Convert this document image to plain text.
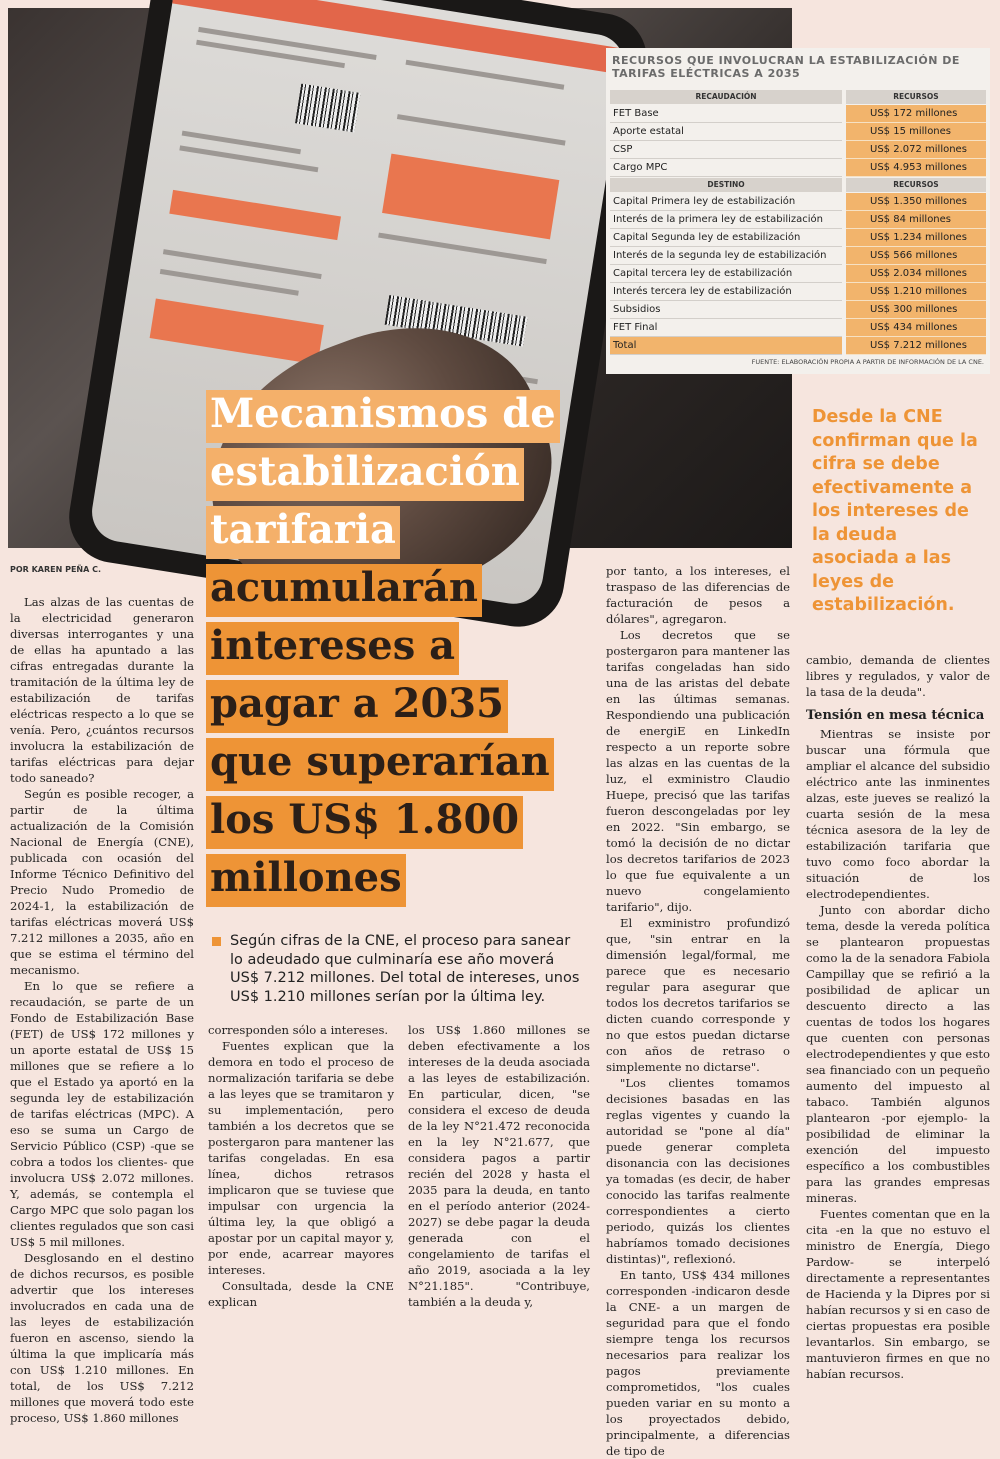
RECURSOS QUE INVOLUCRAN LA ESTABILIZACIÓN DE
TARIFAS ELÉCTRICAS A 2035
RECAUDACIÓN	RECURSOS
FET Base	US$ 172 millones
Aporte estatal	US$ 15 millones
CSP	US$ 2.072 millones
Cargo MPC	US$ 4.953 millones
DESTINO	RECURSOS
Capital Primera ley de estabilización	US$ 1.350 millones
Interés de la primera ley de estabilización	US$ 84 millones
Capital Segunda ley de estabilización	US$ 1.234 millones
Interés de la segunda ley de estabilización	US$ 566 millones
Capital tercera ley de estabilización	US$ 2.034 millones
Interés tercera ley de estabilización	US$ 1.210 millones
Subsidios	US$ 300 millones
FET Final	US$ 434 millones
Total	US$ 7.212 millones
FUENTE: ELABORACIÓN PROPIA A PARTIR DE INFORMACIÓN DE LA CNE.
Mecanismos de
estabilización
tarifaria
acumularán
intereses a
pagar a 2035
que superarían
los US$ 1.800
millones
Desde la CNE confirman que la cifra se debe efectivamente a los intereses de la deuda asociada a las leyes de estabilización.
POR KAREN PEÑA C.

Según cifras de la CNE, el proceso para sanear lo adeudado que culminaría ese año moverá US$ 7.212 millones. Del total de intereses, unos US$ 1.210 millones serían por la última ley.

Las alzas de las cuentas de la electricidad generaron diversas interrogantes y una de ellas ha apuntado a las cifras entregadas durante la tramitación de la última ley de estabilización de tarifas eléctricas respecto a lo que se venía. Pero, ¿cuántos recursos involucra la estabilización de tarifas eléctricas para dejar todo saneado?

Según es posible recoger, a partir de la última actualización de la Comisión Nacional de Energía (CNE), publicada con ocasión del Informe Técnico Definitivo del Precio Nudo Promedio de 2024-1, la estabilización de tarifas eléctricas moverá US$ 7.212 millones a 2035, año en que se estima el término del mecanismo.

En lo que se refiere a recaudación, se parte de un Fondo de Estabilización Base (FET) de US$ 172 millones y un aporte estatal de US$ 15 millones que se refiere a lo que el Estado ya aportó en la segunda ley de estabilización de tarifas eléctricas (MPC). A eso se suma un Cargo de Servicio Público (CSP) -que se cobra a todos los clientes- que involucra US$ 2.072 millones. Y, además, se contempla el Cargo MPC que solo pagan los clientes regulados que son casi US$ 5 mil millones.

Desglosando en el destino de dichos recursos, es posible advertir que los intereses involucrados en cada una de las leyes de estabilización fueron en ascenso, siendo la última la que implicaría más con US$ 1.210 millones. En total, de los US$ 7.212 millones que moverá todo este proceso, US$ 1.860 millones

corresponden sólo a intereses.

Fuentes explican que la demora en todo el proceso de normalización tarifaria se debe a las leyes que se tramitaron y su implementación, pero también a los decretos que se postergaron para mantener las tarifas congeladas. En esa línea, dichos retrasos implicaron que se tuviese que impulsar con urgencia la última ley, la que obligó a apostar por un capital mayor y, por ende, acarrear mayores intereses.

Consultada, desde la CNE explican

los US$ 1.860 millones se deben efectivamente a los intereses de la deuda asociada a las leyes de estabilización. En particular, dicen, "se considera el exceso de deuda de la ley N°21.472 reconocida en la ley N°21.677, que considera pagos a partir recién del 2028 y hasta el 2035 para la deuda, en tanto en el período anterior (2024-2027) se debe pagar la deuda generada con el congelamiento de tarifas el año 2019, asociada a la ley N°21.185". "Contribuye, también a la deuda y,

por tanto, a los intereses, el traspaso de las diferencias de facturación de pesos a dólares", agregaron.

Los decretos que se postergaron para mantener las tarifas congeladas han sido una de las aristas del debate en las últimas semanas. Respondiendo una publicación de energiE en LinkedIn respecto a un reporte sobre las alzas en las cuentas de la luz, el exministro Claudio Huepe, precisó que las tarifas fueron descongeladas por ley en 2022. "Sin embargo, se tomó la decisión de no dictar los decretos tarifarios de 2023 lo que fue equivalente a un nuevo congelamiento tarifario", dijo.

El exministro profundizó que, "sin entrar en la dimensión legal/formal, me parece que es necesario regular para asegurar que todos los decretos tarifarios se dicten cuando corresponde y no que estos puedan dictarse con años de retraso o simplemente no dictarse".

"Los clientes tomamos decisiones basadas en las reglas vigentes y cuando la autoridad se "pone al día" puede generar completa disonancia con las decisiones ya tomadas (es decir, de haber conocido las tarifas realmente correspondientes a cierto periodo, quizás los clientes habríamos tomado decisiones distintas)", reflexionó.

En tanto, US$ 434 millones corresponden -indicaron desde la CNE- a un margen de seguridad para que el fondo siempre tenga los recursos necesarios para realizar los pagos previamente comprometidos, "los cuales pueden variar en su monto a los proyectados debido, principalmente, a diferencias de tipo de

cambio, demanda de clientes libres y regulados, y valor de la tasa de la deuda".

Tensión en mesa técnica

Mientras se insiste por buscar una fórmula que ampliar el alcance del subsidio eléctrico ante las inminentes alzas, este jueves se realizó la cuarta sesión de la mesa técnica asesora de la ley de estabilización tarifaria que tuvo como foco abordar la situación de los electrodependientes.

Junto con abordar dicho tema, desde la vereda política se plantearon propuestas como la de la senadora Fabiola Campillay que se refirió a la posibilidad de aplicar un descuento directo a las cuentas de todos los hogares que cuenten con personas electrodependientes y que esto sea financiado con un pequeño aumento del impuesto al tabaco. También algunos plantearon -por ejemplo- la posibilidad de eliminar la exención del impuesto específico a los combustibles para las grandes empresas mineras.

Fuentes comentan que en la cita -en la que no estuvo el ministro de Energía, Diego Pardow- se interpeló directamente a representantes de Hacienda y la Dipres por si habían recursos y si en caso de ciertas propuestas era posible levantarlos. Sin embargo, se mantuvieron firmes en que no habían recursos.
